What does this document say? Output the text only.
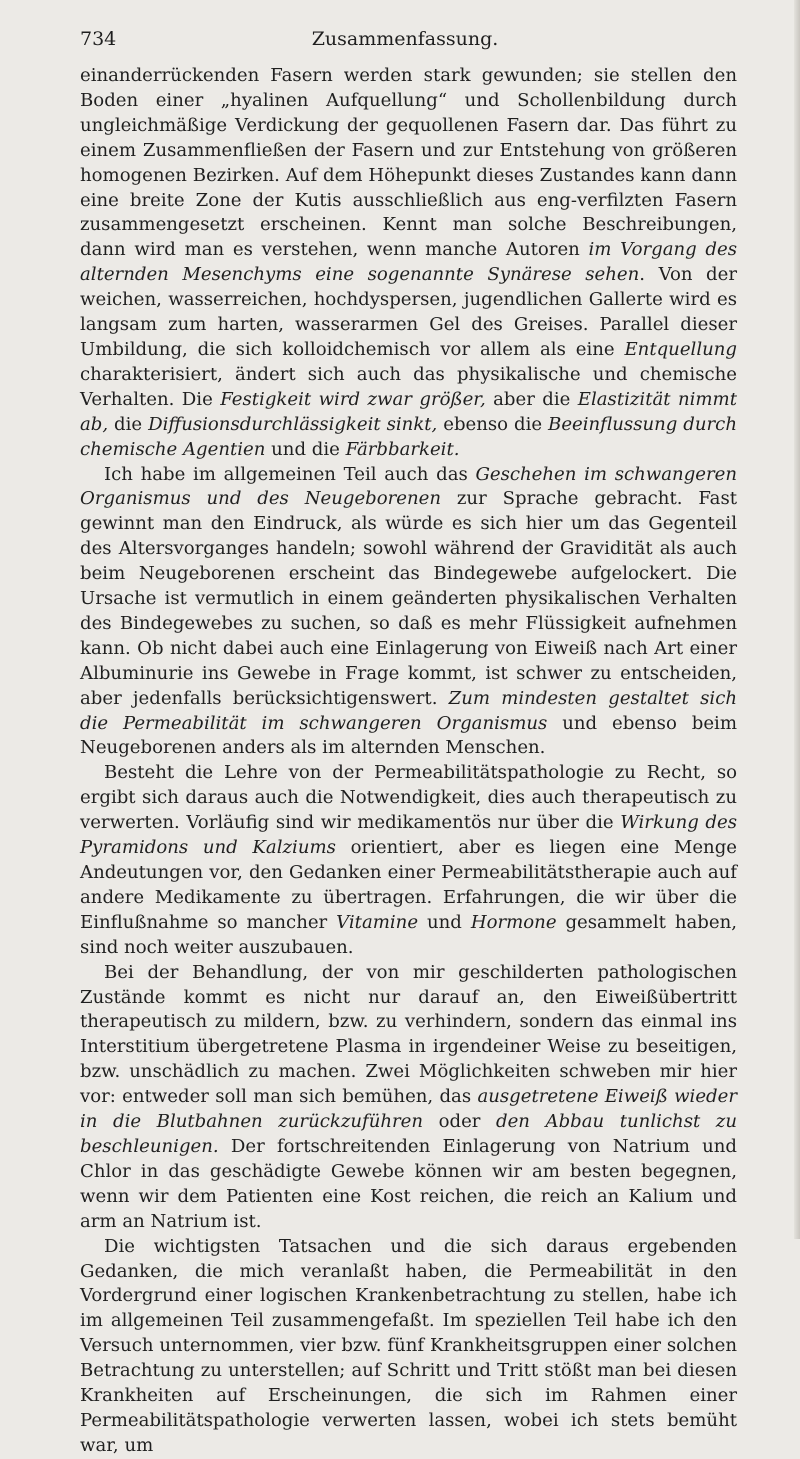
734	Zusammenfassung.

einanderrückenden Fasern werden stark gewunden; sie stellen den Boden einer „hyalinen Aufquellung“ und Schollenbildung durch ungleichmäßige Verdickung der gequollenen Fasern dar. Das führt zu einem Zusammenfließen der Fasern und zur Entstehung von größeren homogenen Bezirken. Auf dem Höhepunkt dieses Zustandes kann dann eine breite Zone der Kutis ausschließlich aus eng-verfilzten Fasern zusammengesetzt erscheinen. Kennt man solche Beschreibungen, dann wird man es verstehen, wenn manche Autoren im Vorgang des alternden Mesenchyms eine sogenannte Synärese sehen. Von der weichen, wasserreichen, hochdyspersen, jugendlichen Gallerte wird es langsam zum harten, wasserarmen Gel des Greises. Parallel dieser Umbildung, die sich kolloidchemisch vor allem als eine Entquellung charakterisiert, ändert sich auch das physikalische und chemische Verhalten. Die Festigkeit wird zwar größer, aber die Elastizität nimmt ab, die Diffusionsdurchlässigkeit sinkt, ebenso die Beeinflussung durch chemische Agentien und die Färbbarkeit.

Ich habe im allgemeinen Teil auch das Geschehen im schwangeren Organismus und des Neugeborenen zur Sprache gebracht. Fast gewinnt man den Eindruck, als würde es sich hier um das Gegenteil des Altersvorganges handeln; sowohl während der Gravidität als auch beim Neugeborenen erscheint das Bindegewebe aufgelockert. Die Ursache ist vermutlich in einem geänderten physikalischen Verhalten des Bindegewebes zu suchen, so daß es mehr Flüssigkeit aufnehmen kann. Ob nicht dabei auch eine Einlagerung von Eiweiß nach Art einer Albuminurie ins Gewebe in Frage kommt, ist schwer zu entscheiden, aber jedenfalls berücksichtigenswert. Zum mindesten gestaltet sich die Permeabilität im schwangeren Organismus und ebenso beim Neugeborenen anders als im alternden Menschen.

Besteht die Lehre von der Permeabilitätspathologie zu Recht, so ergibt sich daraus auch die Notwendigkeit, dies auch therapeutisch zu verwerten. Vorläufig sind wir medikamentös nur über die Wirkung des Pyramidons und Kalziums orientiert, aber es liegen eine Menge Andeutungen vor, den Gedanken einer Permeabilitätstherapie auch auf andere Medikamente zu übertragen. Erfahrungen, die wir über die Einflußnahme so mancher Vitamine und Hormone gesammelt haben, sind noch weiter auszubauen.

Bei der Behandlung, der von mir geschilderten pathologischen Zustände kommt es nicht nur darauf an, den Eiweißübertritt therapeutisch zu mildern, bzw. zu verhindern, sondern das einmal ins Interstitium übergetretene Plasma in irgendeiner Weise zu beseitigen, bzw. unschädlich zu machen. Zwei Möglichkeiten schweben mir hier vor: entweder soll man sich bemühen, das ausgetretene Eiweiß wieder in die Blutbahnen zurückzuführen oder den Abbau tunlichst zu beschleunigen. Der fortschreitenden Einlagerung von Natrium und Chlor in das geschädigte Gewebe können wir am besten begegnen, wenn wir dem Patienten eine Kost reichen, die reich an Kalium und arm an Natrium ist.

Die wichtigsten Tatsachen und die sich daraus ergebenden Gedanken, die mich veranlaßt haben, die Permeabilität in den Vordergrund einer logischen Krankenbetrachtung zu stellen, habe ich im allgemeinen Teil zusammengefaßt. Im speziellen Teil habe ich den Versuch unternommen, vier bzw. fünf Krankheitsgruppen einer solchen Betrachtung zu unterstellen; auf Schritt und Tritt stößt man bei diesen Krankheiten auf Erscheinungen, die sich im Rahmen einer Permeabilitätspathologie verwerten lassen, wobei ich stets bemüht war, um
